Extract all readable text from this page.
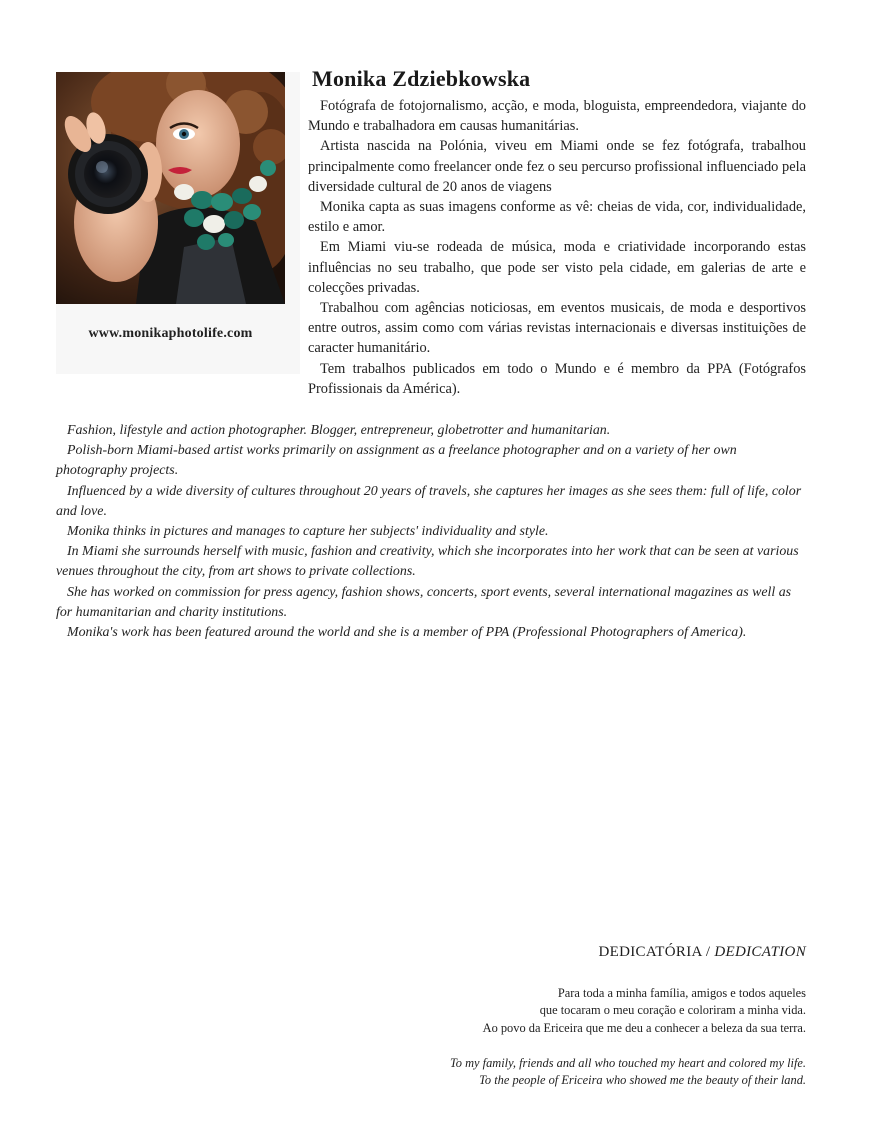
www.monikaphotolife.com
Monika Zdziebkowska

Fotógrafa de fotojornalismo, acção, e moda, bloguista, empreendedora, viajante do Mundo e trabalhadora em causas humanitárias.

Artista nascida na Polónia, viveu em Miami onde se fez fotógrafa, trabalhou principalmente como freelancer onde fez o seu percurso profissional influenciado pela diversidade cultural de 20 anos de viagens

Monika capta as suas imagens conforme as vê: cheias de vida, cor, individualidade, estilo e amor.

Em Miami viu-se rodeada de música, moda e criatividade incorporando estas influências no seu trabalho, que pode ser visto pela cidade, em galerias de arte e colecções privadas.

Trabalhou com agências noticiosas, em eventos musicais, de moda e desportivos entre outros, assim como com várias revistas internacionais e diversas instituições de caracter humanitário.

Tem trabalhos publicados em todo o Mundo e é membro da PPA (Fotógrafos Profissionais da América).

Fashion, lifestyle and action photographer. Blogger, entrepreneur, globetrotter and humanitarian.

Polish-born Miami-based artist works primarily on assignment as a freelance photographer and on a variety of her own photography projects.

Influenced by a wide diversity of cultures throughout 20 years of travels, she captures her images as she sees them: full of life, color and love.

Monika thinks in pictures and manages to capture her subjects' individuality and style.

In Miami she surrounds herself with music, fashion and creativity, which she incorporates into her work that can be seen at various venues throughout the city, from art shows to private collections.

She has worked on commission for press agency, fashion shows, concerts, sport events, several international magazines as well as for humanitarian and charity institutions.

Monika's work has been featured around the world and she is a member of PPA (Professional Photographers of America).

DEDICATÓRIA / DEDICATION
Para toda a minha família, amigos e todos aqueles
que tocaram o meu coração e coloriram a minha vida.
Ao povo da Ericeira que me deu a conhecer a beleza da sua terra.
To my family, friends and all who touched my heart and colored my life.
To the people of Ericeira who showed me the beauty of their land.
